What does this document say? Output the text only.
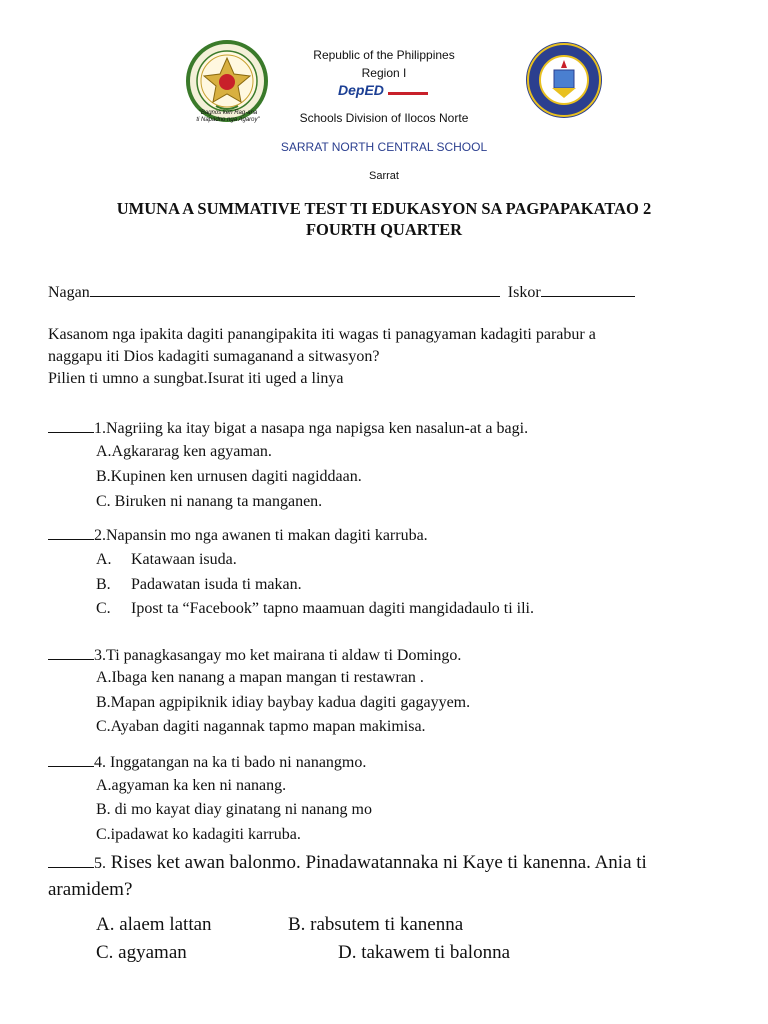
"Bagnos ken Rag-ana
ti Napadno nga Agaroy"
Republic of the Philippines
Region I
DepED
Schools Division of Ilocos Norte
SARRAT NORTH CENTRAL SCHOOL
Sarrat
UMUNA A SUMMATIVE TEST TI EDUKASYON SA PAGPAPAKATAO 2
FOURTH QUARTER
Nagan	Iskor
Kasanom nga ipakita dagiti panangipakita iti wagas ti panagyaman kadagiti parabur a
naggapu iti Dios kadagiti sumaganand a sitwasyon?
Pilien ti umno a sungbat.Isurat iti uged a linya
1.Nagriing ka itay bigat a nasapa nga napigsa ken nasalun-at a bagi.
A.Agkararag ken agyaman.
B.Kupinen ken urnusen dagiti nagiddaan.
C. Biruken ni nanang ta manganen.
2.Napansin mo nga awanen ti makan dagiti karruba.
A. Katawaan isuda.
B. Padawatan isuda ti makan.
C. Ipost ta “Facebook” tapno maamuan dagiti mangidadaulo ti ili.
3.Ti panagkasangay mo ket mairana ti aldaw ti Domingo.
A.Ibaga ken nanang a mapan mangan ti restawran .
B.Mapan agpipiknik idiay baybay kadua dagiti gagayyem.
C.Ayaban dagiti nagannak tapmo mapan makimisa.
4. Inggatangan na ka ti bado ni nanangmo.
A.agyaman ka ken ni nanang.
B. di mo kayat diay ginatang ni nanang mo
C.ipadawat ko kadagiti karruba.
5. Rises ket awan balonmo. Pinadawatannaka ni Kaye ti kanenna. Ania ti
aramidem?
A. alaem lattan	B. rabsutem ti kanenna
C. agyaman	D. takawem ti balonna
